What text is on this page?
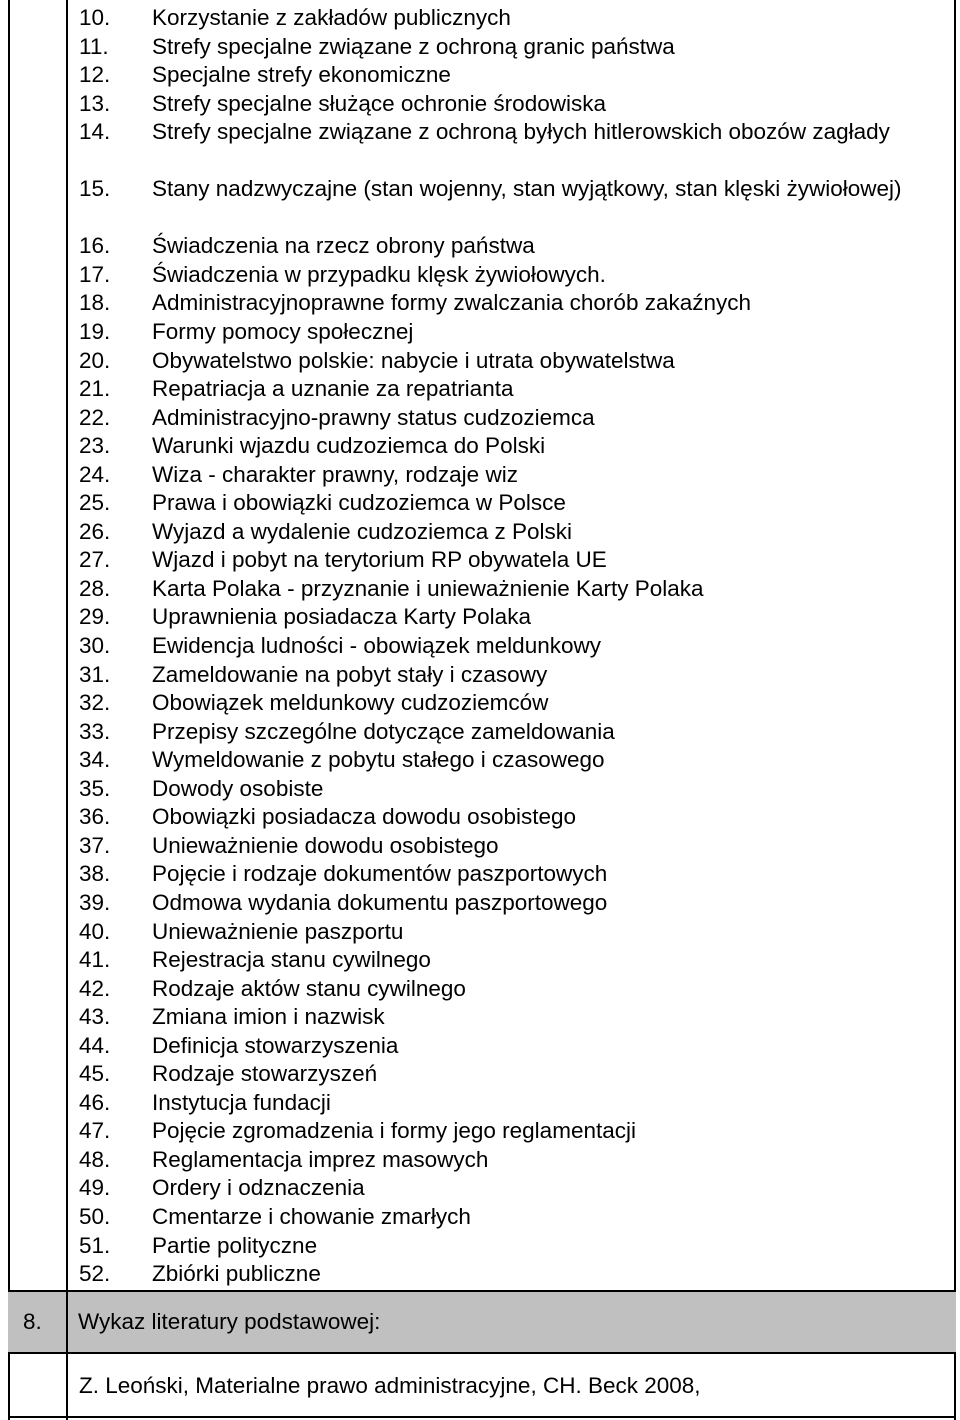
10. Korzystanie z zakładów publicznych
11. Strefy specjalne związane z ochroną granic państwa
12. Specjalne strefy ekonomiczne
13. Strefy specjalne służące ochronie środowiska
14.	Strefy specjalne związane z ochroną byłych hitlerowskich obozów zagłady
15.	Stany nadzwyczajne (stan wojenny, stan wyjątkowy, stan klęski żywiołowej)
16. Świadczenia na rzecz obrony państwa
17. Świadczenia w przypadku klęsk żywiołowych.
18. Administracyjnoprawne formy zwalczania chorób zakaźnych
19. Formy pomocy społecznej
20. Obywatelstwo polskie: nabycie i utrata obywatelstwa
21. Repatriacja a uznanie za repatrianta
22. Administracyjno-prawny status cudzoziemca
23. Warunki wjazdu cudzoziemca do Polski
24. Wiza - charakter prawny, rodzaje wiz
25. Prawa i obowiązki cudzoziemca w Polsce
26. Wyjazd a wydalenie cudzoziemca z Polski
27. Wjazd i pobyt na terytorium RP obywatela UE
28. Karta Polaka - przyznanie i unieważnienie Karty Polaka
29. Uprawnienia posiadacza Karty Polaka
30. Ewidencja ludności - obowiązek meldunkowy
31. Zameldowanie na pobyt stały i czasowy
32. Obowiązek meldunkowy cudzoziemców
33. Przepisy szczególne dotyczące zameldowania
34. Wymeldowanie z pobytu stałego i czasowego
35. Dowody osobiste
36. Obowiązki posiadacza dowodu osobistego
37. Unieważnienie dowodu osobistego
38. Pojęcie i rodzaje dokumentów paszportowych
39. Odmowa wydania dokumentu paszportowego
40. Unieważnienie paszportu
41. Rejestracja stanu cywilnego
42. Rodzaje aktów stanu cywilnego
43. Zmiana imion i nazwisk
44. Definicja stowarzyszenia
45. Rodzaje stowarzyszeń
46. Instytucja fundacji
47. Pojęcie zgromadzenia i formy jego reglamentacji
48. Reglamentacja imprez masowych
49. Ordery i odznaczenia
50. Cmentarze i chowanie zmarłych
51. Partie polityczne
52. Zbiórki publiczne
8. Wykaz literatury podstawowej:
Z. Leoński, Materialne prawo administracyjne, CH. Beck 2008,
